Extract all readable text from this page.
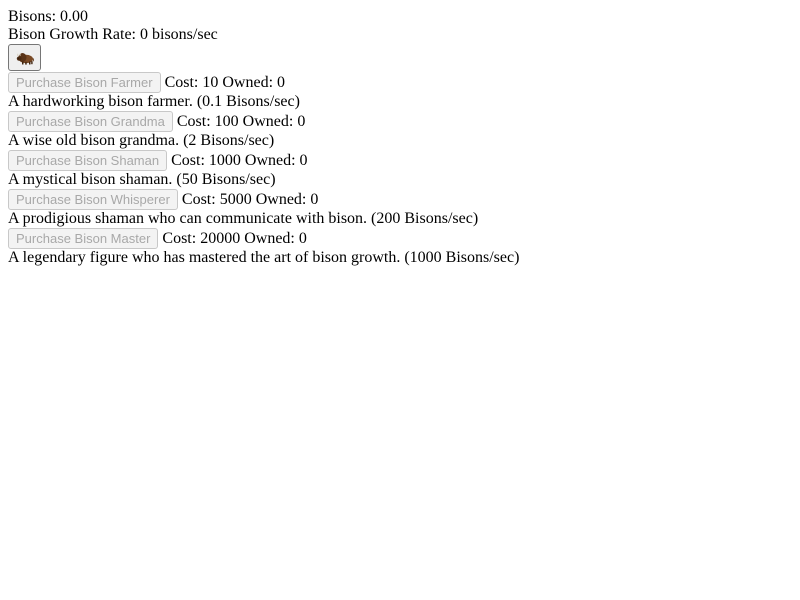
Bisons: 0.00
Bison Growth Rate: 0 bisons/sec
Purchase Bison Farmer Cost: 10 Owned: 0
A hardworking bison farmer. (0.1 Bisons/sec)
Purchase Bison Grandma Cost: 100 Owned: 0
A wise old bison grandma. (2 Bisons/sec)
Purchase Bison Shaman Cost: 1000 Owned: 0
A mystical bison shaman. (50 Bisons/sec)
Purchase Bison Whisperer Cost: 5000 Owned: 0
A prodigious shaman who can communicate with bison. (200 Bisons/sec)
Purchase Bison Master Cost: 20000 Owned: 0
A legendary figure who has mastered the art of bison growth. (1000 Bisons/sec)
